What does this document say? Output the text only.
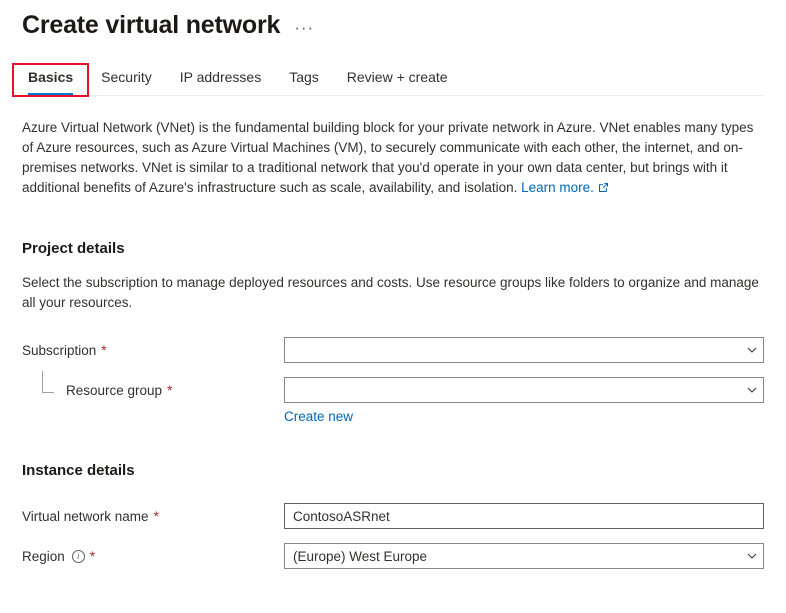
Create virtual network ···
Basics	Security	IP addresses	Tags	Review + create

Azure Virtual Network (VNet) is the fundamental building block for your private network in Azure. VNet enables many types of Azure resources, such as Azure Virtual Machines (VM), to securely communicate with each other, the internet, and on-premises networks. VNet is similar to a traditional network that you'd operate in your own data center, but brings with it additional benefits of Azure's infrastructure such as scale, availability, and isolation. Learn more.

Project details

Select the subscription to manage deployed resources and costs. Use resource groups like folders to organize and manage all your resources.

Subscription *
Resource group *
Create new
Instance details
Virtual network name *
ContosoASRnet
Region	i *	(Europe) West Europe
